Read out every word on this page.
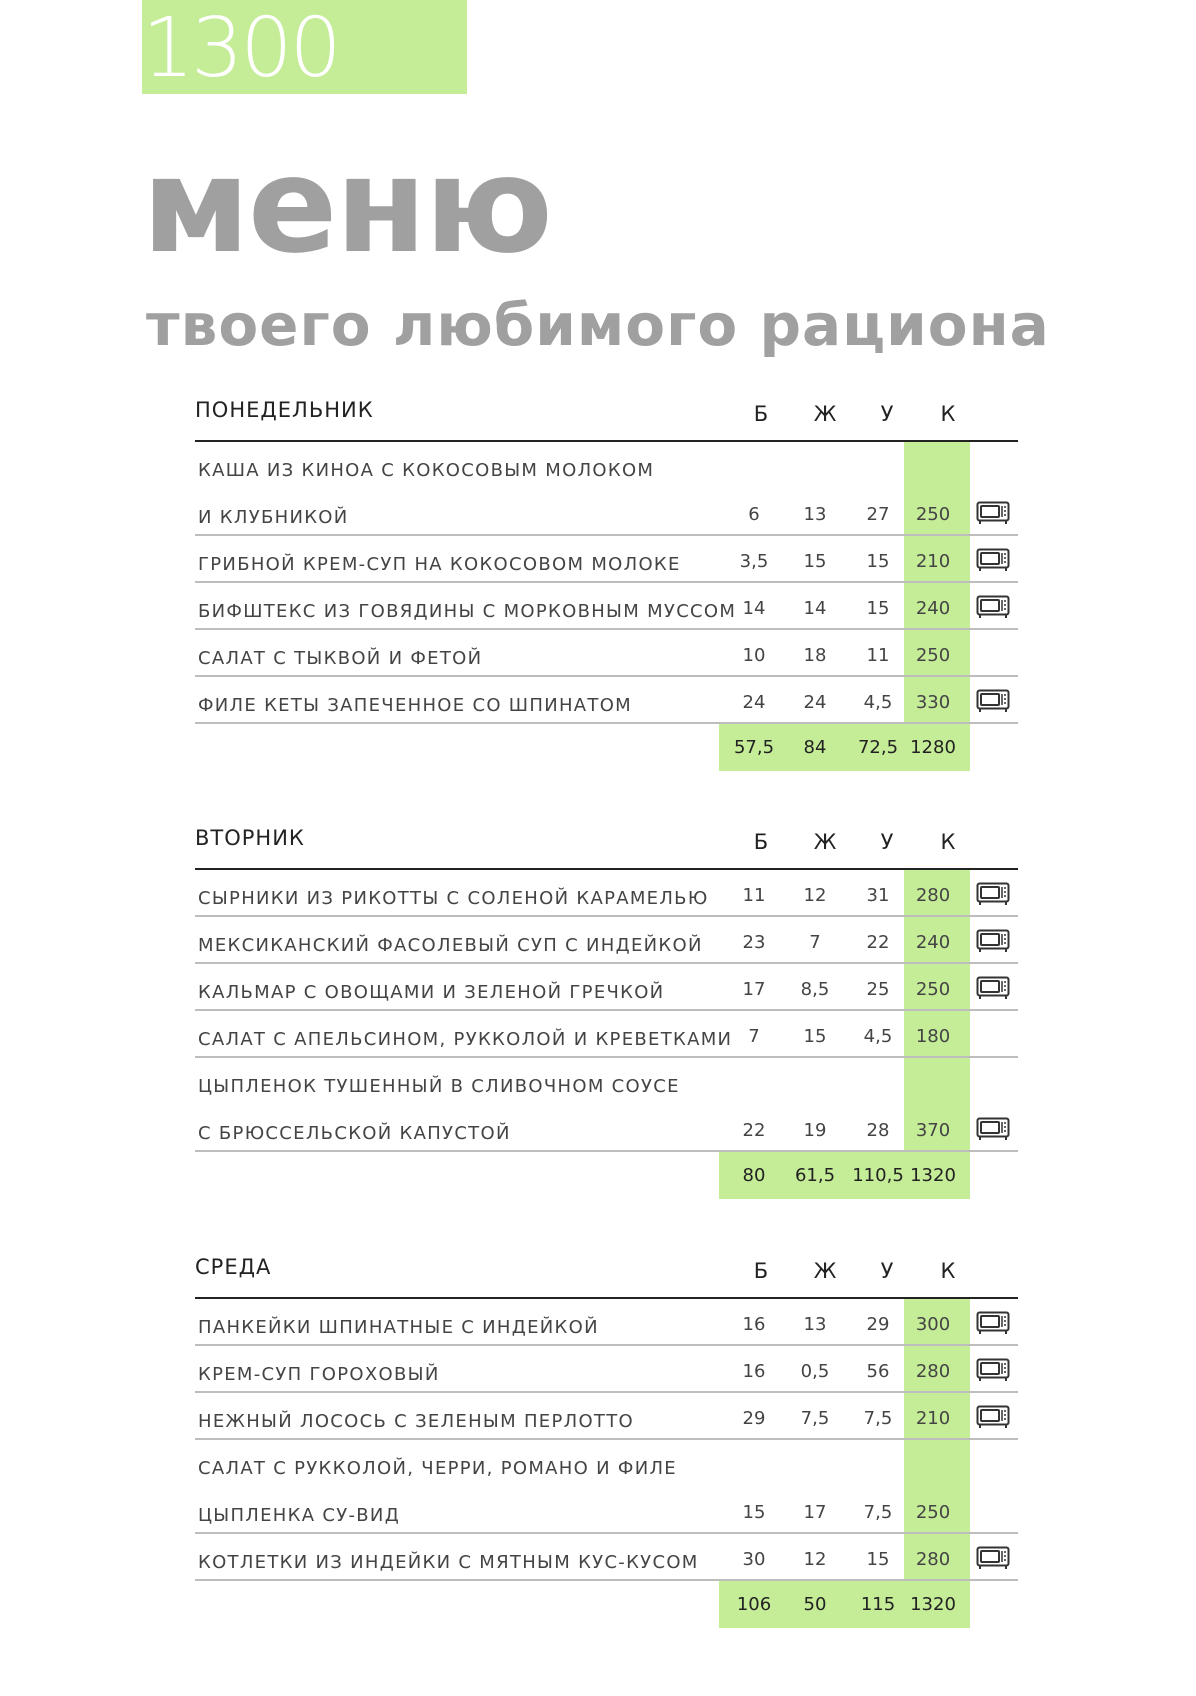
1300
меню
твоего любимого рациона
ПОНЕДЕЛЬНИК	Б	Ж	У	К
КАША ИЗ КИНОА С КОКОСОВЫМ МОЛОКОМ
И КЛУБНИКОЙ	6	13	27	250
ГРИБНОЙ КРЕМ-СУП НА КОКОСОВОМ МОЛОКЕ	3,5	15	15	210
БИФШТЕКС ИЗ ГОВЯДИНЫ С МОРКОВНЫМ МУССОМ 14	14	15	240
САЛАТ С ТЫКВОЙ И ФЕТОЙ	10	18	11	250
ФИЛЕ КЕТЫ ЗАПЕЧЕННОЕ СО ШПИНАТОМ	24	24	4,5	330
57,5	84	72,5 1280
ВТОРНИК	Б	Ж	У	К
СЫРНИКИ ИЗ РИКОТТЫ С СОЛЕНОЙ КАРАМЕЛЬЮ	11	12	31	280
МЕКСИКАНСКИЙ ФАСОЛЕВЫЙ СУП С ИНДЕЙКОЙ	23	7	22	240
КАЛЬМАР С ОВОЩАМИ И ЗЕЛЕНОЙ ГРЕЧКОЙ	17	8,5	25	250
САЛАТ С АПЕЛЬСИНОМ, РУККОЛОЙ И КРЕВЕТКАМИ 7	15	4,5	180
ЦЫПЛЕНОК ТУШЕННЫЙ В СЛИВОЧНОМ СОУСЕ
С БРЮССЕЛЬСКОЙ КАПУСТОЙ	22	19	28	370
80	61,5 110,5 1320
СРЕДА	Б	Ж	У	К
ПАНКЕЙКИ ШПИНАТНЫЕ С ИНДЕЙКОЙ	16	13	29	300
КРЕМ-СУП ГОРОХОВЫЙ	16	0,5	56	280
НЕЖНЫЙ ЛОСОСЬ С ЗЕЛЕНЫМ ПЕРЛОТТО	29	7,5	7,5	210
САЛАТ С РУККОЛОЙ, ЧЕРРИ, РОМАНО И ФИЛЕ
ЦЫПЛЕНКА СУ-ВИД	15	17	7,5	250
КОТЛЕТКИ ИЗ ИНДЕЙКИ С МЯТНЫМ КУС-КУСОМ	30	12	15	280
106	50	115 1320
